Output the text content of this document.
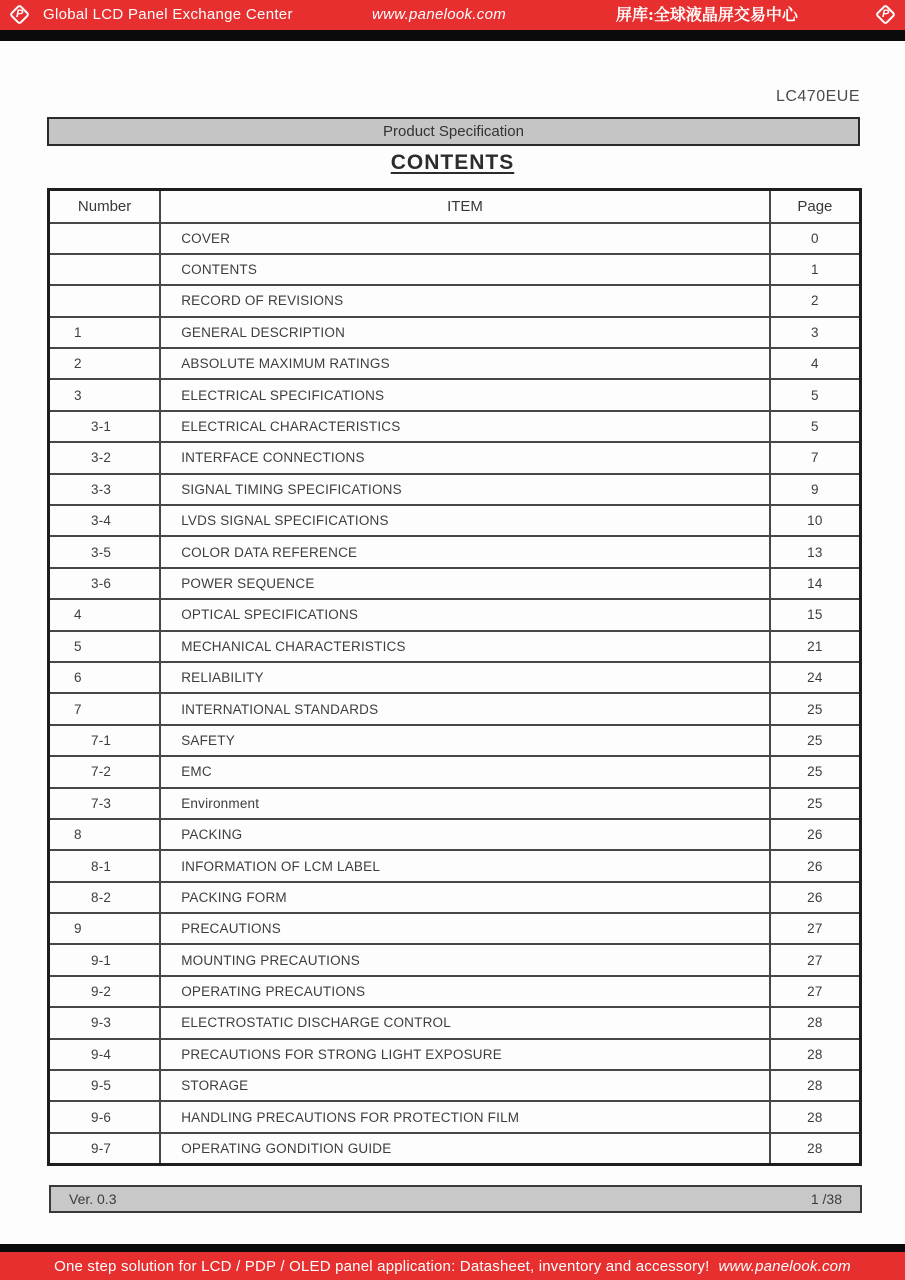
P Global LCD Panel Exchange Center	www.panelook.com	屏库:全球液晶屏交易中心	P
LC470EUE
Product Specification
CONTENTS
Number	ITEM	Page
	COVER	0
	CONTENTS	1
	RECORD OF REVISIONS	2
1	GENERAL DESCRIPTION	3
2	ABSOLUTE MAXIMUM RATINGS	4
3	ELECTRICAL SPECIFICATIONS	5
3-1	ELECTRICAL CHARACTERISTICS	5
3-2	INTERFACE CONNECTIONS	7
3-3	SIGNAL TIMING SPECIFICATIONS	9
3-4	LVDS SIGNAL SPECIFICATIONS	10
3-5	COLOR DATA REFERENCE	13
3-6	POWER SEQUENCE	14
4	OPTICAL SPECIFICATIONS	15
5	MECHANICAL CHARACTERISTICS	21
6	RELIABILITY	24
7	INTERNATIONAL STANDARDS	25
7-1	SAFETY	25
7-2	EMC	25
7-3	Environment	25
8	PACKING	26
8-1	INFORMATION OF LCM LABEL	26
8-2	PACKING FORM	26
9	PRECAUTIONS	27
9-1	MOUNTING PRECAUTIONS	27
9-2	OPERATING PRECAUTIONS	27
9-3	ELECTROSTATIC DISCHARGE CONTROL	28
9-4	PRECAUTIONS FOR STRONG LIGHT EXPOSURE	28
9-5	STORAGE	28
9-6	HANDLING PRECAUTIONS FOR PROTECTION FILM	28
9-7	OPERATING GONDITION GUIDE	28
Ver. 0.3	1 /38
One step solution for LCD / PDP / OLED panel application: Datasheet, inventory and accessory! www.panelook.com
